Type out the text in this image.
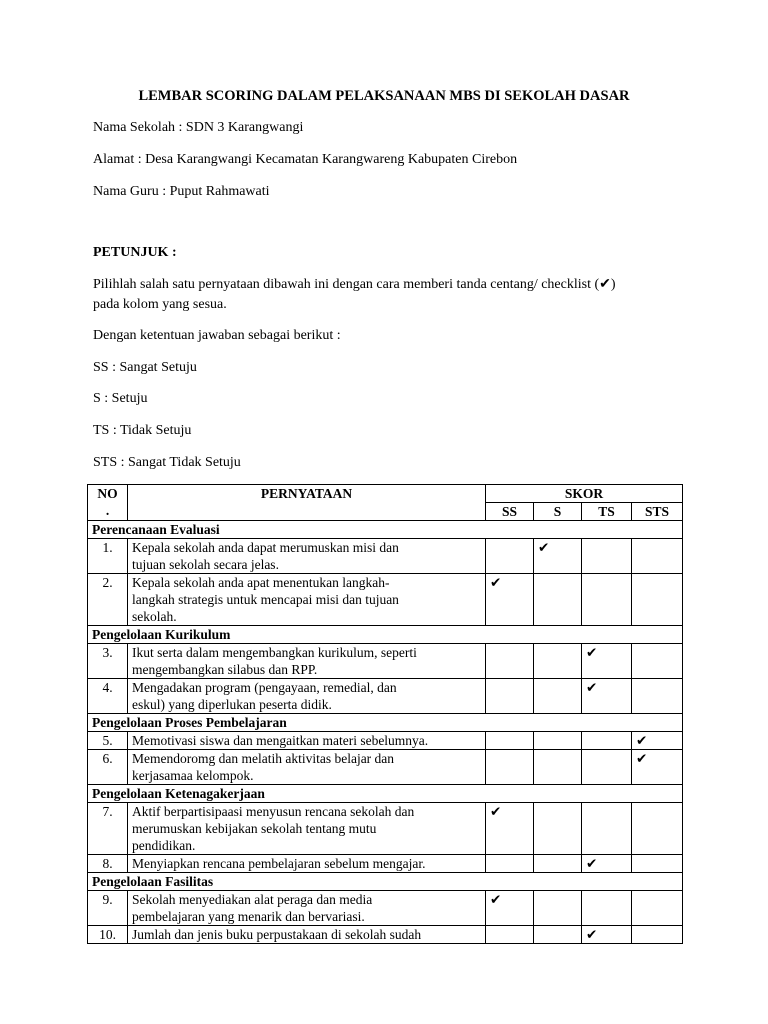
LEMBAR SCORING DALAM PELAKSANAAN MBS DI SEKOLAH DASAR
Nama Sekolah : SDN 3 Karangwangi
Alamat : Desa Karangwangi Kecamatan Karangwareng Kabupaten Cirebon
Nama Guru : Puput Rahmawati
PETUNJUK :
Pilihlah salah satu pernyataan dibawah ini dengan cara memberi tanda centang/ checklist (✔)
pada kolom yang sesua.
Dengan ketentuan jawaban sebagai berikut :
SS : Sangat Setuju
S : Setuju
TS : Tidak Setuju
STS : Sangat Tidak Setuju
NO
.	PERNYATAAN	SKOR			
		SS	S	TS	STS
Perencanaan Evaluasi					
1.	Kepala sekolah anda dapat merumuskan misi dan
tujuan sekolah secara jelas.		✔		
2.	Kepala sekolah anda apat menentukan langkah-
langkah strategis untuk mencapai misi dan tujuan
sekolah.	✔			
Pengelolaan Kurikulum					
3.	Ikut serta dalam mengembangkan kurikulum, seperti
mengembangkan silabus dan RPP.			✔	
4.	Mengadakan program (pengayaan, remedial, dan
eskul) yang diperlukan peserta didik.			✔	
Pengelolaan Proses Pembelajaran					
5.	Memotivasi siswa dan mengaitkan materi sebelumnya.				✔
6.	Memendoromg dan melatih aktivitas belajar dan
kerjasamaa kelompok.				✔
Pengelolaan Ketenagakerjaan					
7.	Aktif berpartisipaasi menyusun rencana sekolah dan
merumuskan kebijakan sekolah tentang mutu
pendidikan.	✔			
8.	Menyiapkan rencana pembelajaran sebelum mengajar.			✔	
Pengelolaan Fasilitas					
9.	Sekolah menyediakan alat peraga dan media
pembelajaran yang menarik dan bervariasi.	✔			
10.	Jumlah dan jenis buku perpustakaan di sekolah sudah			✔	
